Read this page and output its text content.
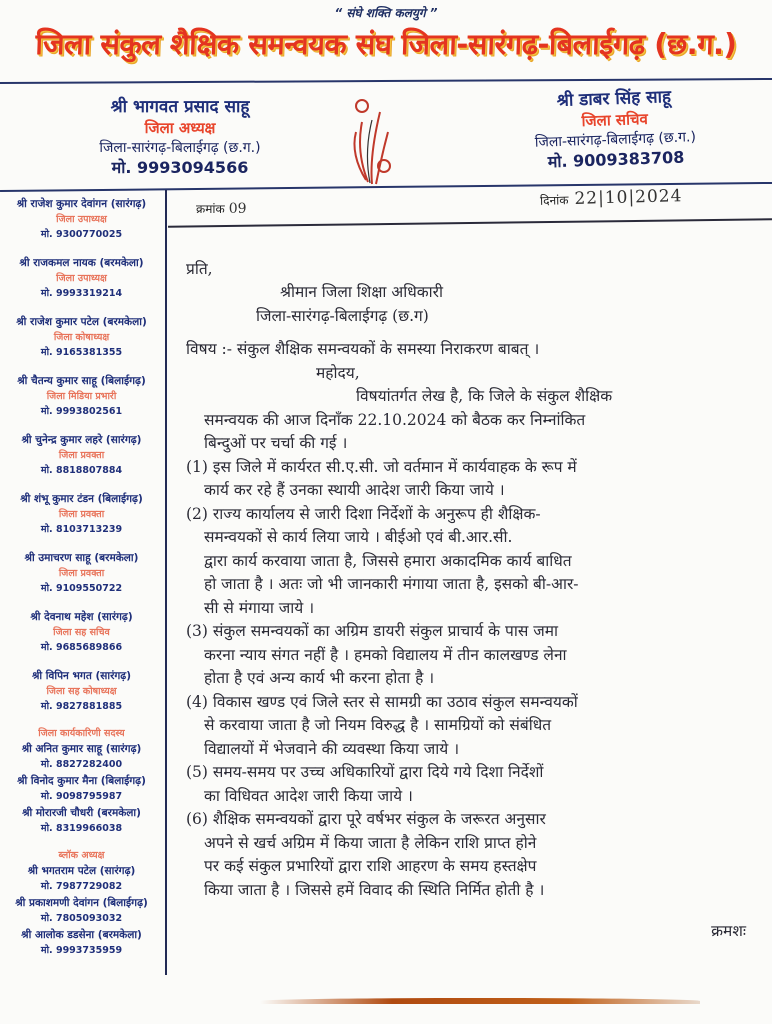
“ संघे शक्ति कलयुगे ”
जिला संकुल शैक्षिक समन्वयक संघ जिला-सारंगढ़-बिलाईगढ़ (छ.ग.)
श्री भागवत प्रसाद साहू
जिला अध्यक्ष
जिला-सारंगढ़-बिलाईगढ़ (छ.ग.)
मो. 9993094566
श्री डाबर सिंह साहू
जिला सचिव
जिला-सारंगढ़-बिलाईगढ़ (छ.ग.)
मो. 9009383708
श्री राजेश कुमार देवांगन (सारंगढ़)
जिला उपाध्यक्ष
मो. 9300770025
श्री राजकमल नायक (बरमकेला)
जिला उपाध्यक्ष
मो. 9993319214
श्री राजेश कुमार पटेल (बरमकेला)
जिला कोषाध्यक्ष
मो. 9165381355
श्री चैतन्य कुमार साहू (बिलाईगढ़)
जिला मिडिया प्रभारी
मो. 9993802561
श्री चुनेन्द्र कुमार लहरे (सारंगढ़)
जिला प्रवक्ता
मो. 8818807884
श्री शंभू कुमार टंडन (बिलाईगढ़)
जिला प्रवक्ता
मो. 8103713239
श्री उमाचरण साहू (बरमकेला)
जिला प्रवक्ता
मो. 9109550722
श्री देवनाथ महेश (सारंगढ़)
जिला सह सचिव
मो. 9685689866
श्री विपिन भगत (सारंगढ़)
जिला सह कोषाध्यक्ष
मो. 9827881885
जिला कार्यकारिणी सदस्य
श्री अनित कुमार साहू (सारंगढ़)
मो. 8827282400
श्री विनोद कुमार मैना (बिलाईगढ़)
मो. 9098795987
श्री मोरारजी चौधरी (बरमकेला)
मो. 8319966038
ब्लॉक अध्यक्ष
श्री भगतराम पटेल (सारंगढ़)
मो. 7987729082
श्री प्रकाशमणी देवांगन (बिलाईगढ़)
मो. 7805093032
श्री आलोक डडसेना (बरमकेला)
मो. 9993735959
क्रमांक 09
दिनांक 22|10|2024
प्रति,
श्रीमान जिला शिक्षा अधिकारी
जिला-सारंगढ़-बिलाईगढ़ (छ.ग)
विषय :- संकुल शैक्षिक समन्वयकों के समस्या निराकरण बाबत् ।
महोदय,
विषयांतर्गत लेख है, कि जिले के संकुल शैक्षिक
समन्वयक की आज दिनाँक 22.10.2024 को बैठक कर निम्नांकित
बिन्दुओं पर चर्चा की गई ।
(1) इस जिले में कार्यरत सी.ए.सी. जो वर्तमान में कार्यवाहक के रूप में
कार्य कर रहे हैं उनका स्थायी आदेश जारी किया जाये ।
(2) राज्य कार्यालय से जारी दिशा निर्देशों के अनुरूप ही शैक्षिक-
समन्वयकों से कार्य लिया जाये । बीईओ एवं बी.आर.सी.
द्वारा कार्य करवाया जाता है, जिससे हमारा अकादमिक कार्य बाधित
हो जाता है । अतः जो भी जानकारी मंगाया जाता है, इसको बी-आर-
सी से मंगाया जाये ।
(3) संकुल समन्वयकों का अग्रिम डायरी संकुल प्राचार्य के पास जमा
करना न्याय संगत नहीं है । हमको विद्यालय में तीन कालखण्ड लेना
होता है एवं अन्य कार्य भी करना होता है ।
(4) विकास खण्ड एवं जिले स्तर से सामग्री का उठाव संकुल समन्वयकों
से करवाया जाता है जो नियम विरुद्ध है । सामग्रियों को संबंधित
विद्यालयों में भेजवाने की व्यवस्था किया जाये ।
(5) समय-समय पर उच्च अधिकारियों द्वारा दिये गये दिशा निर्देशों
का विधिवत आदेश जारी किया जाये ।
(6) शैक्षिक समन्वयकों द्वारा पूरे वर्षभर संकुल के जरूरत अनुसार
अपने से खर्च अग्रिम में किया जाता है लेकिन राशि प्राप्त होने
पर कई संकुल प्रभारियों द्वारा राशि आहरण के समय हस्तक्षेप
किया जाता है । जिससे हमें विवाद की स्थिति निर्मित होती है ।
क्रमशः
